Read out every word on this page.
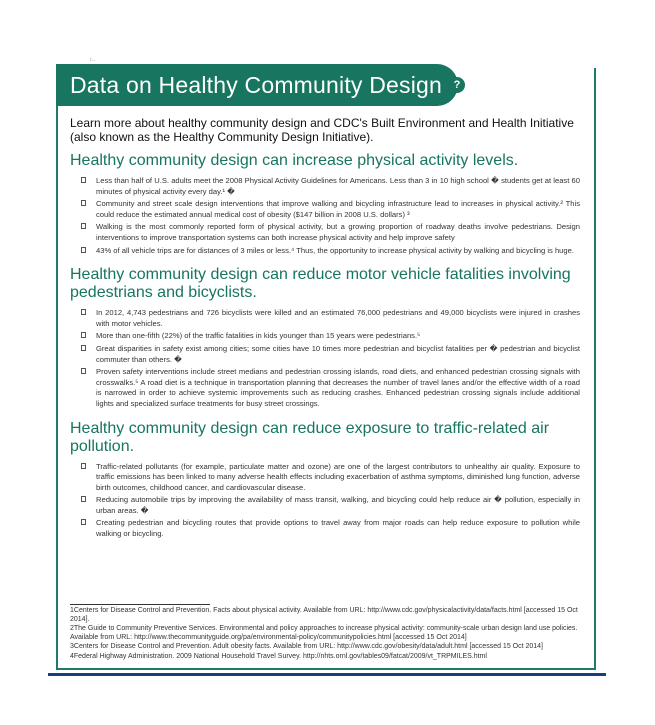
ı..
Data on Healthy Community Design	?

Learn more about healthy community design and CDC's Built Environment and Health Initiative (also known as the Healthy Community Design Initiative).

Healthy community design can increase physical activity levels.
Less than half of U.S. adults meet the 2008 Physical Activity Guidelines for Americans. Less than 3 in 10 high school � students get at least 60 minutes of physical activity every day.¹ �
Community and street scale design interventions that improve walking and bicycling infrastructure lead to increases in physical activity.² This could reduce the estimated annual medical cost of obesity ($147 billion in 2008 U.S. dollars) ³
Walking is the most commonly reported form of physical activity, but a growing proportion of roadway deaths involve pedestrians. Design interventions to improve transportation systems can both increase physical activity and help improve safety
43% of all vehicle trips are for distances of 3 miles or less.⁴ Thus, the opportunity to increase physical activity by walking and bicycling is huge.
Healthy community design can reduce motor vehicle fatalities involving pedestrians and bicyclists.
In 2012, 4,743 pedestrians and 726 bicyclists were killed and an estimated 76,000 pedestrians and 49,000 bicyclists were injured in crashes with motor vehicles.
More than one-fifth (22%) of the traffic fatalities in kids younger than 15 years were pedestrians.⁵
Great disparities in safety exist among cities; some cities have 10 times more pedestrian and bicyclist fatalities per � pedestrian and bicyclist commuter than others. �
Proven safety interventions include street medians and pedestrian crossing islands, road diets, and enhanced pedestrian crossing signals with crosswalks.⁵ A road diet is a technique in transportation planning that decreases the number of travel lanes and/or the effective width of a road is narrowed in order to achieve systemic improvements such as reducing crashes. Enhanced pedestrian crossing signals include additional lights and specialized surface treatments for busy street crossings.
Healthy community design can reduce exposure to traffic-related air pollution.
Traffic-related pollutants (for example, particulate matter and ozone) are one of the largest contributors to unhealthy air quality. Exposure to traffic emissions has been linked to many adverse health effects including exacerbation of asthma symptoms, diminished lung function, adverse birth outcomes, childhood cancer, and cardiovascular disease.
Reducing automobile trips by improving the availability of mass transit, walking, and bicycling could help reduce air � pollution, especially in urban areas. �
Creating pedestrian and bicycling routes that provide options to travel away from major roads can help reduce exposure to pollution while walking or bicycling.

1Centers for Disease Control and Prevention. Facts about physical activity. Available from URL: http://www.cdc.gov/physicalactivity/data/facts.html [accessed 15 Oct 2014].

2The Guide to Community Preventive Services. Environmental and policy approaches to increase physical activity: community-scale urban design land use policies. Available from URL: http://www.thecommunityguide.org/pa/environmental-policy/communitypolicies.html [accessed 15 Oct 2014]

3Centers for Disease Control and Prevention. Adult obesity facts. Available from URL: http://www.cdc.gov/obesity/data/adult.html [accessed 15 Oct 2014]

4Federal Highway Administration. 2009 National Household Travel Survey. http://nhts.ornl.gov/tables09/fatcat/2009/vt_TRPMILES.html
